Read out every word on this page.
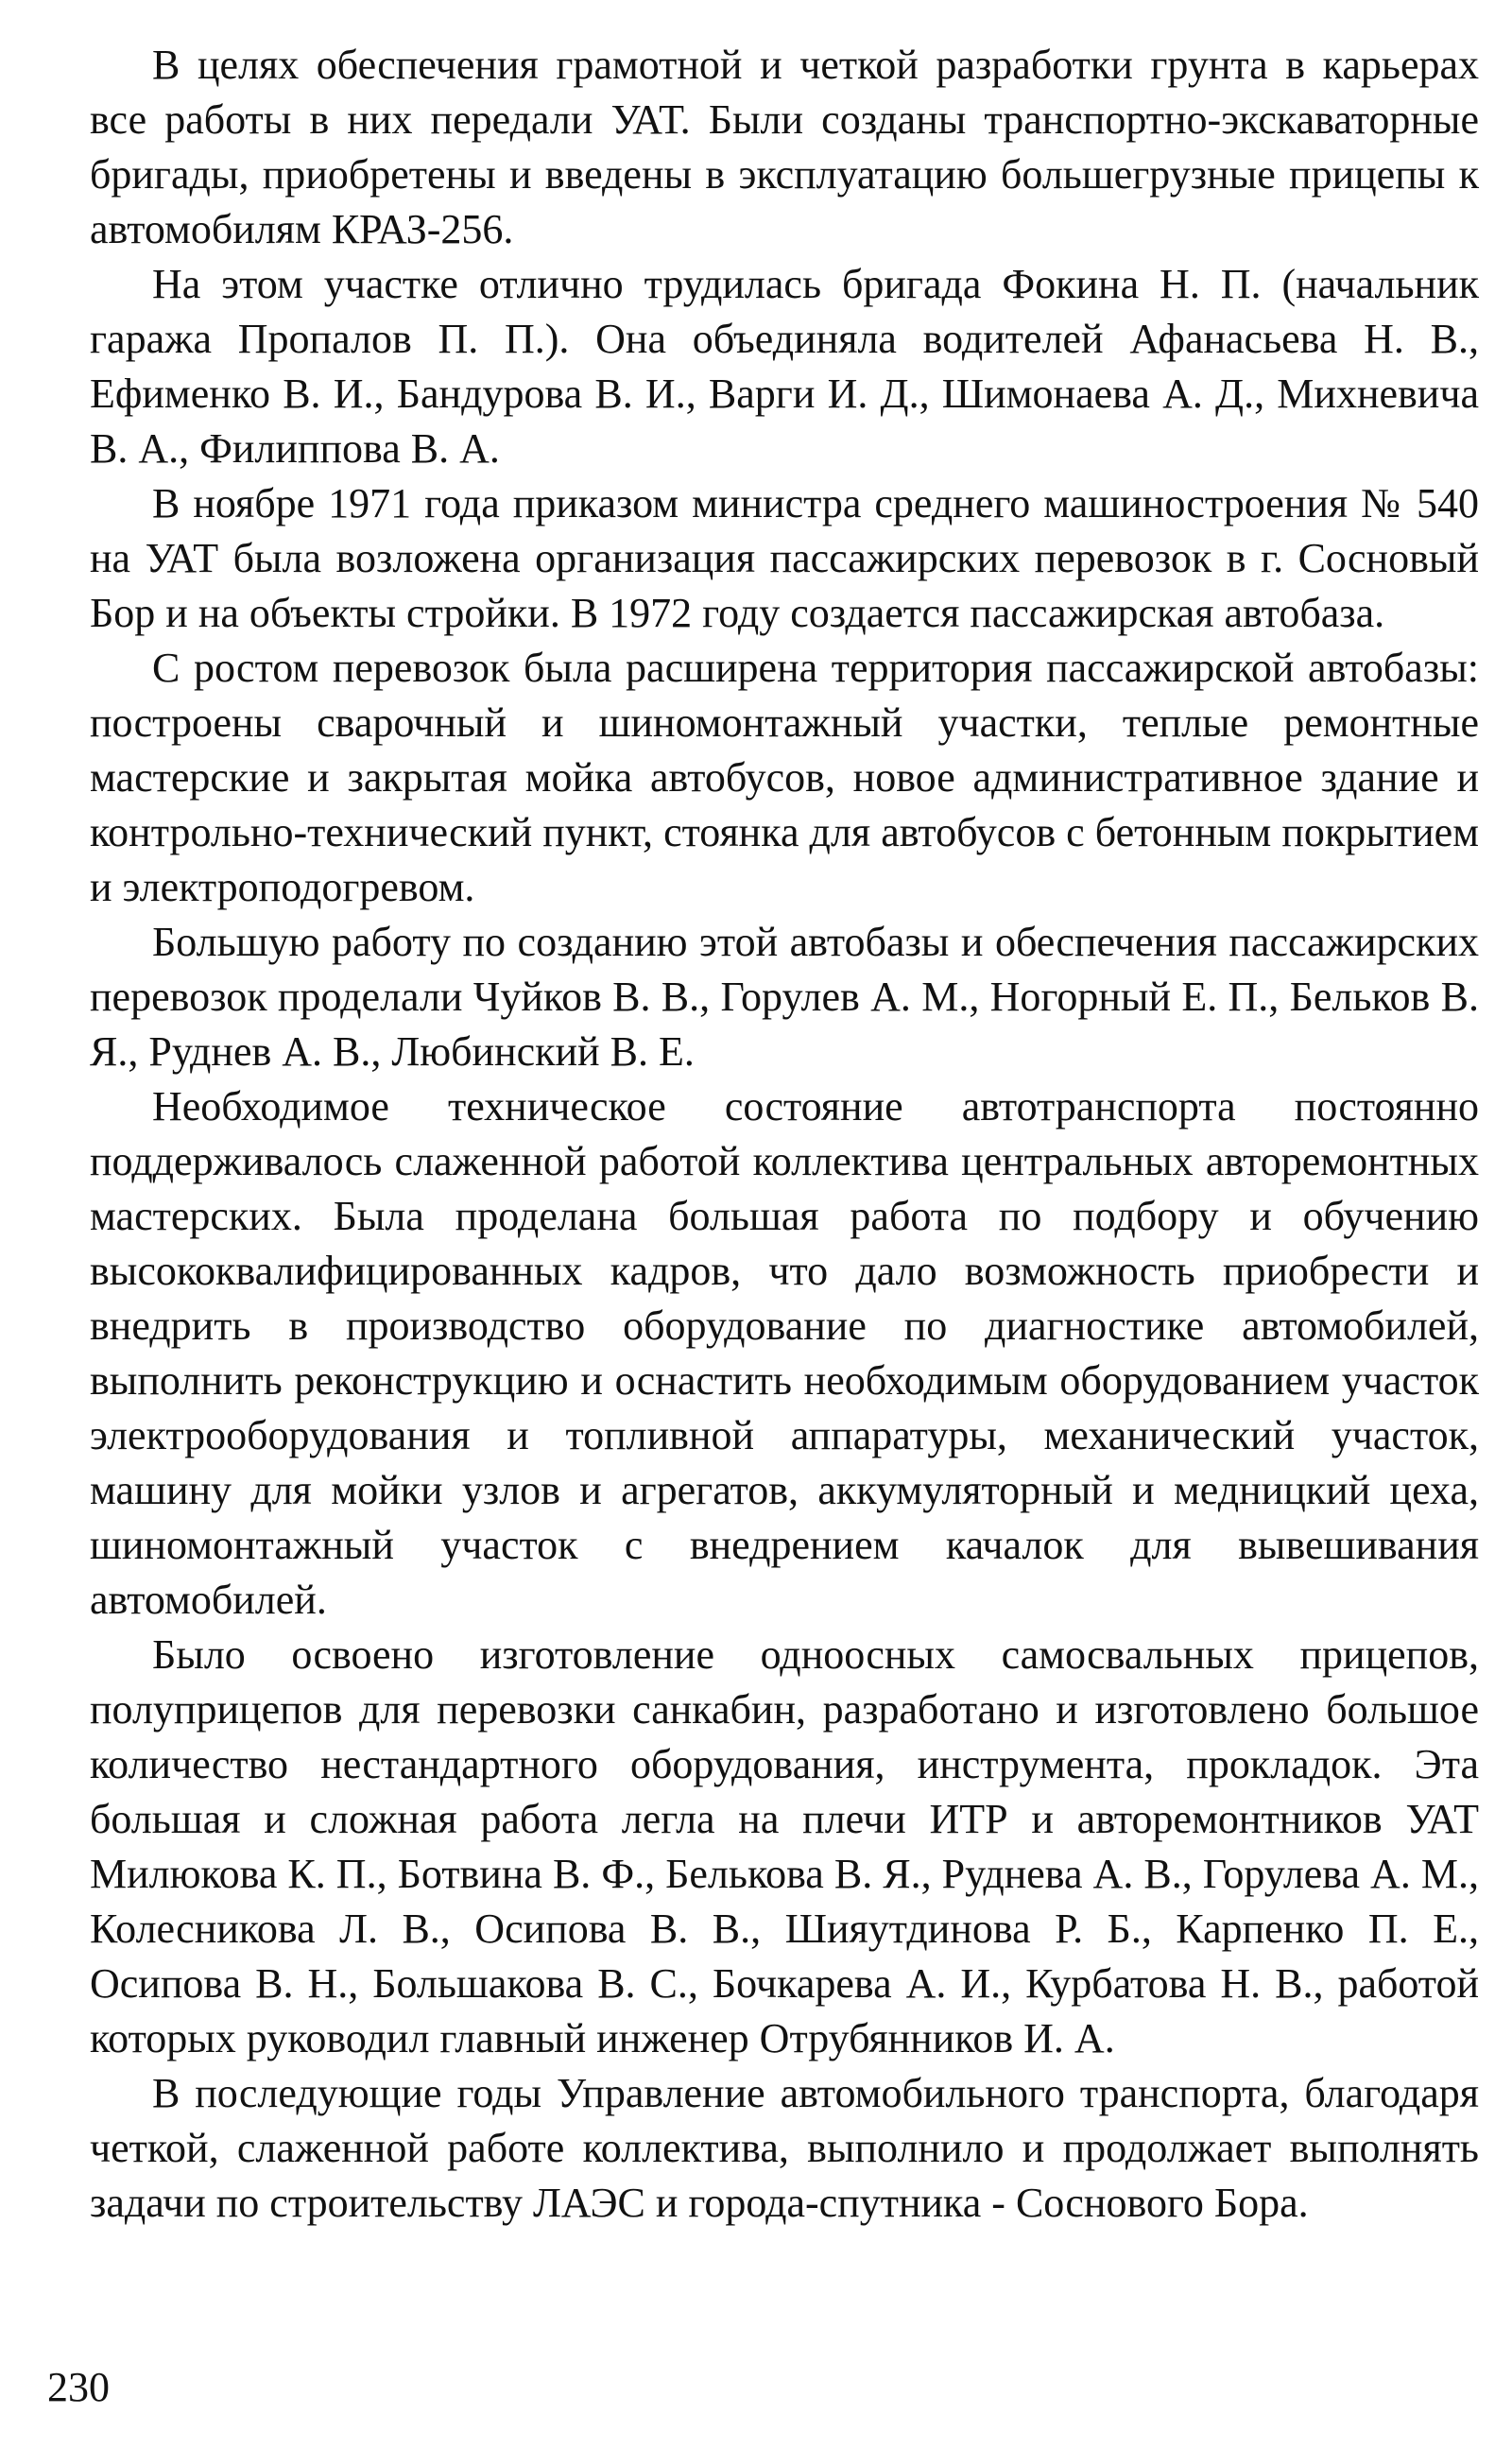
В целях обеспечения грамотной и четкой разработки грунта в карьерах все работы в них передали УАТ. Были созданы транспортно-экскаваторные бригады, приобретены и введены в эксплуатацию большегрузные прицепы к автомобилям КРАЗ-256.

На этом участке отлично трудилась бригада Фокина Н. П. (начальник гаража Пропалов П. П.). Она объединяла водителей Афанасьева Н. В., Ефименко В. И., Бандурова В. И., Варги И. Д., Шимонаева А. Д., Михневича В. А., Филиппова В. А.

В ноябре 1971 года приказом министра среднего машиностроения № 540 на УАТ была возложена организация пассажирских перевозок в г. Сосновый Бор и на объекты стройки. В 1972 году создается пассажирская автобаза.

С ростом перевозок была расширена территория пассажирской автобазы: построены сварочный и шиномонтажный участки, теплые ремонтные мастерские и закрытая мойка автобусов, новое административное здание и контрольно-технический пункт, стоянка для автобусов с бетонным покрытием и электроподогревом.

Большую работу по созданию этой автобазы и обеспечения пассажирских перевозок проделали Чуйков В. В., Горулев А. М., Ногорный Е. П., Бельков В. Я., Руднев А. В., Любинский В. Е.

Необходимое техническое состояние автотранспорта постоянно поддерживалось слаженной работой коллектива центральных авторемонтных мастерских. Была проделана большая работа по подбору и обучению высококвалифицированных кадров, что дало возможность приобрести и внедрить в производство оборудование по диагностике автомобилей, выполнить реконструкцию и оснастить необходимым оборудованием участок электрооборудования и топливной аппаратуры, механический участок, машину для мойки узлов и агрегатов, аккумуляторный и медницкий цеха, шиномонтажный участок с внедрением качалок для вывешивания автомобилей.

Было освоено изготовление одноосных самосвальных прицепов, полуприцепов для перевозки санкабин, разработано и изготовлено большое количество нестандартного оборудования, инструмента, прокладок. Эта большая и сложная работа легла на плечи ИТР и авторемонтников УАТ Милюкова К. П., Ботвина В. Ф., Белькова В. Я., Руднева А. В., Горулева А. М., Колесникова Л. В., Осипова В. В., Шияутдинова Р. Б., Карпенко П. Е., Осипова В. Н., Большакова В. С., Бочкарева А. И., Курбатова Н. В., работой которых руководил главный инженер Отрубянников И. А.

В последующие годы Управление автомобильного транспорта, благодаря четкой, слаженной работе коллектива, выполнило и продолжает выполнять задачи по строительству ЛАЭС и города-спутника - Соснового Бора.

230
